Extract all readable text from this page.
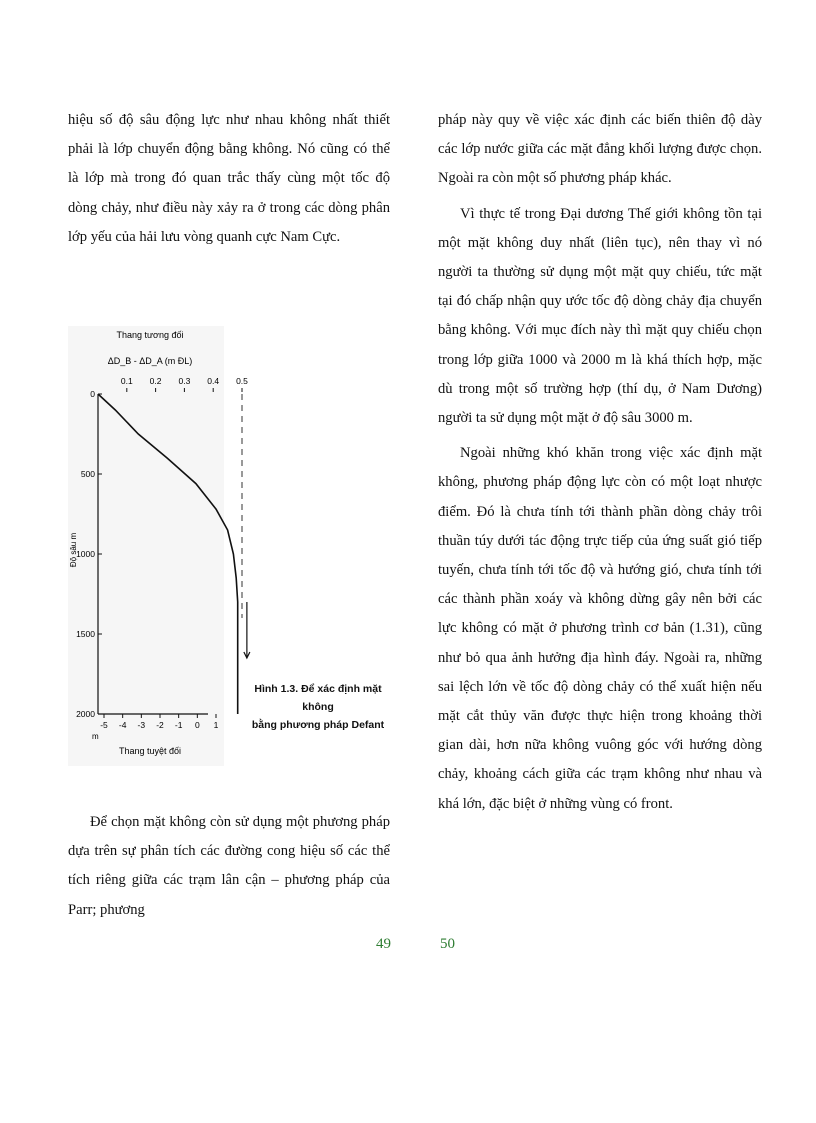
hiệu số độ sâu động lực như nhau không nhất thiết phải là lớp chuyển động bằng không. Nó cũng có thể là lớp mà trong đó quan trắc thấy cùng một tốc độ dòng chảy, như điều này xảy ra ở trong các dòng phân lớp yếu của hải lưu vòng quanh cực Nam Cực.

Thang tương đối
ΔD_B - ΔD_A (m ĐL)
0.1 0.2 0.3 0.4 0.5
0
500
1000
1500
2000
-5 -4 -3 -2 -1 0 1
Độ sâu m
m
Thang tuyệt đối
Hình 1.3. Để xác định mặt không
bằng phương pháp Defant

Để chọn mặt không còn sử dụng một phương pháp dựa trên sự phân tích các đường cong hiệu số các thể tích riêng giữa các trạm lân cận – phương pháp của Parr; phương

pháp này quy về việc xác định các biến thiên độ dày các lớp nước giữa các mặt đẳng khối lượng được chọn. Ngoài ra còn một số phương pháp khác.

Vì thực tế trong Đại dương Thế giới không tồn tại một mặt không duy nhất (liên tục), nên thay vì nó người ta thường sử dụng một mặt quy chiếu, tức mặt tại đó chấp nhận quy ước tốc độ dòng chảy địa chuyển bằng không. Với mục đích này thì mặt quy chiếu chọn trong lớp giữa 1000 và 2000 m là khá thích hợp, mặc dù trong một số trường hợp (thí dụ, ở Nam Dương) người ta sử dụng một mặt ở độ sâu 3000 m.

Ngoài những khó khăn trong việc xác định mặt không, phương pháp động lực còn có một loạt nhược điểm. Đó là chưa tính tới thành phần dòng chảy trôi thuần túy dưới tác động trực tiếp của ứng suất gió tiếp tuyến, chưa tính tới tốc độ và hướng gió, chưa tính tới các thành phần xoáy và không dừng gây nên bởi các lực không có mặt ở phương trình cơ bản (1.31), cũng như bỏ qua ảnh hưởng địa hình đáy. Ngoài ra, những sai lệch lớn về tốc độ dòng chảy có thể xuất hiện nếu mặt cắt thủy văn được thực hiện trong khoảng thời gian dài, hơn nữa không vuông góc với hướng dòng chảy, khoảng cách giữa các trạm không như nhau và khá lớn, đặc biệt ở những vùng có front.

49	50
